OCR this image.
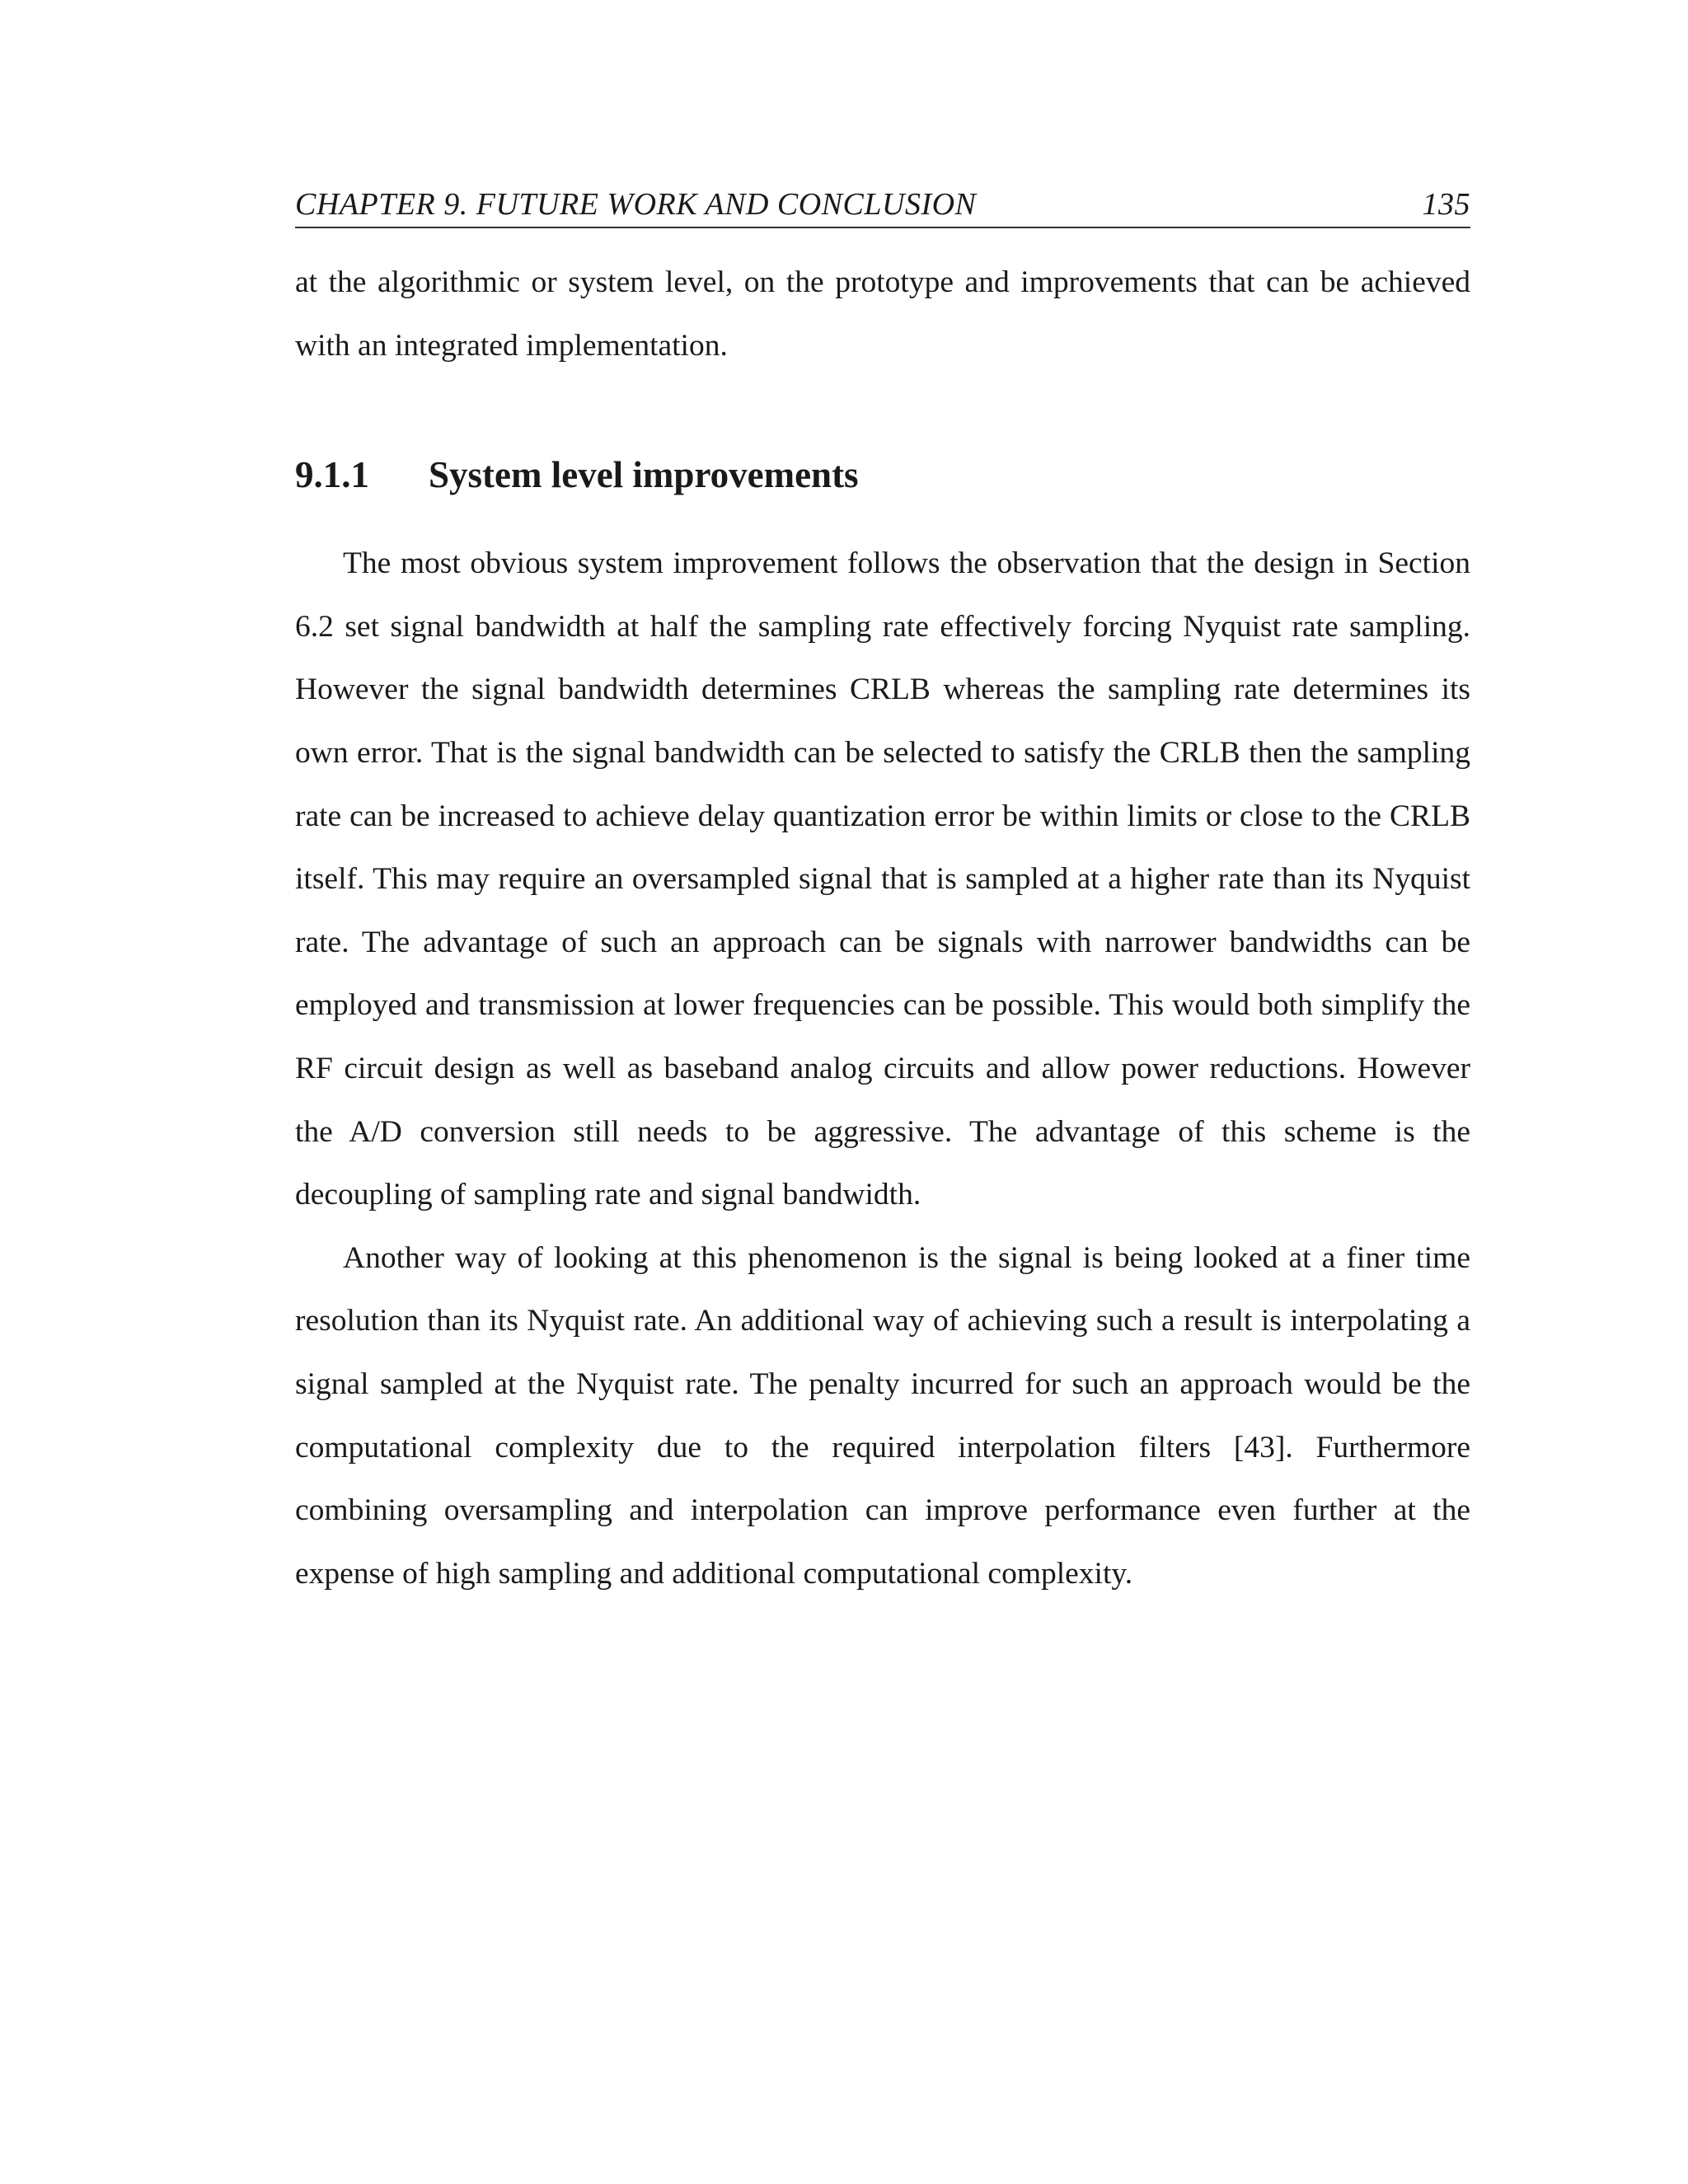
CHAPTER 9. FUTURE WORK AND CONCLUSION	135

at the algorithmic or system level, on the prototype and improvements that can be achieved with an integrated implementation.

9.1.1	System level improvements

The most obvious system improvement follows the observation that the design in Section 6.2 set signal bandwidth at half the sampling rate effectively forcing Nyquist rate sampling. However the signal bandwidth determines CRLB whereas the sampling rate determines its own error. That is the signal bandwidth can be selected to satisfy the CRLB then the sampling rate can be increased to achieve delay quantization error be within limits or close to the CRLB itself. This may require an oversampled signal that is sampled at a higher rate than its Nyquist rate. The advantage of such an approach can be signals with narrower bandwidths can be employed and transmission at lower frequencies can be possible. This would both simplify the RF circuit design as well as baseband analog circuits and allow power reductions. However the A/D conversion still needs to be aggressive. The advantage of this scheme is the decoupling of sampling rate and signal bandwidth.

Another way of looking at this phenomenon is the signal is being looked at a finer time resolution than its Nyquist rate. An additional way of achieving such a result is interpolating a signal sampled at the Nyquist rate. The penalty incurred for such an approach would be the computational complexity due to the required interpolation filters [43]. Furthermore combining oversampling and interpolation can improve performance even further at the expense of high sampling and additional computational complexity.
